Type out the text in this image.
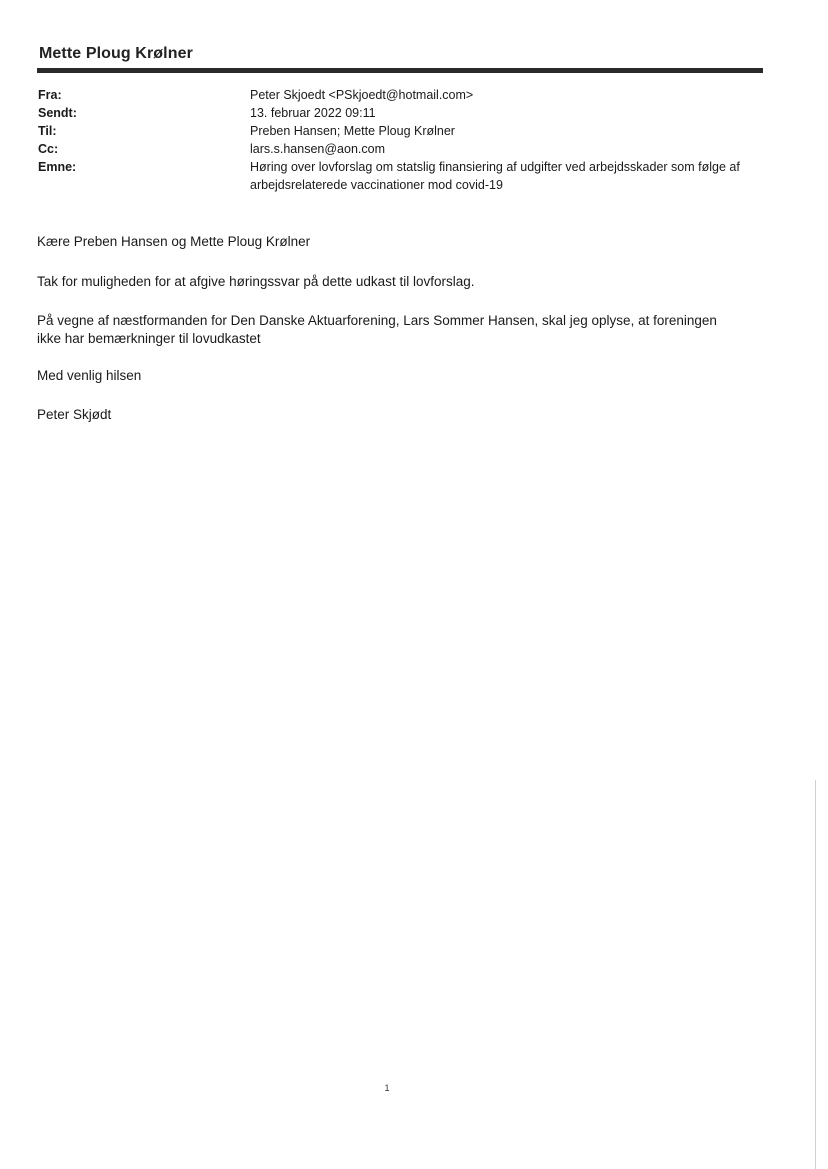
Mette Ploug Krølner
Fra:	Peter Skjoedt <PSkjoedt@hotmail.com>
Sendt:	13. februar 2022 09:11
Til:	Preben Hansen; Mette Ploug Krølner
Cc:	lars.s.hansen@aon.com
Emne:	Høring over lovforslag om statslig finansiering af udgifter ved arbejdsskader som følge af arbejdsrelaterede vaccinationer mod covid-19

Kære Preben Hansen og Mette Ploug Krølner

Tak for muligheden for at afgive høringssvar på dette udkast til lovforslag.

På vegne af næstformanden for Den Danske Aktuarforening, Lars Sommer Hansen, skal jeg oplyse, at foreningen ikke har bemærkninger til lovudkastet

Med venlig hilsen

Peter Skjødt

1
